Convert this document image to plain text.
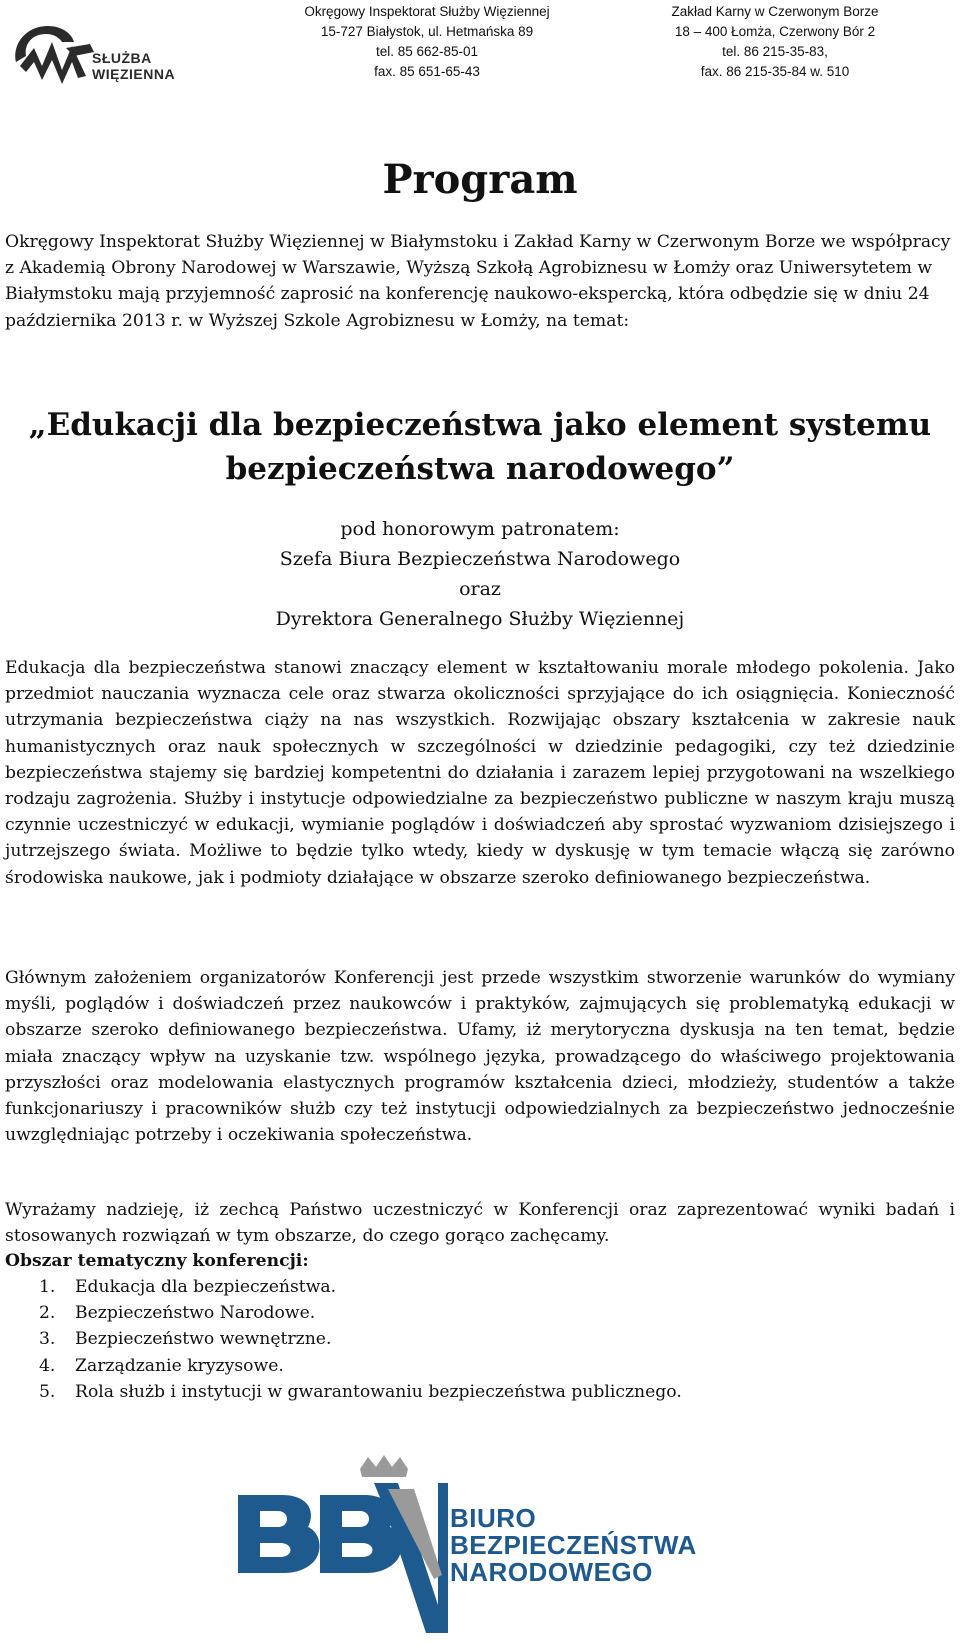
SŁUŻBA
WIĘZIENNA
Okręgowy Inspektorat Służby Więziennej
15-727 Białystok, ul. Hetmańska 89
tel. 85 662-85-01
fax. 85 651-65-43
Zakład Karny w Czerwonym Borze
18 – 400 Łomża, Czerwony Bór 2
tel. 86 215-35-83,
fax. 86 215-35-84 w. 510
Program

Okręgowy Inspektorat Służby Więziennej w Białymstoku i Zakład Karny w Czerwonym Borze we współpracy z Akademią Obrony Narodowej w Warszawie, Wyższą Szkołą Agrobiznesu w Łomży oraz Uniwersytetem w Białymstoku mają przyjemność zaprosić na konferencję naukowo-ekspercką, która odbędzie się w dniu 24 października 2013 r. w Wyższej Szkole Agrobiznesu w Łomży, na temat:

„Edukacji dla bezpieczeństwa jako element systemu
bezpieczeństwa narodowego”
pod honorowym patronatem:
Szefa Biura Bezpieczeństwa Narodowego
oraz
Dyrektora Generalnego Służby Więziennej

Edukacja dla bezpieczeństwa stanowi znaczący element w kształtowaniu morale młodego pokolenia. Jako przedmiot nauczania wyznacza cele oraz stwarza okoliczności sprzyjające do ich osiągnięcia. Konieczność utrzymania bezpieczeństwa ciąży na nas wszystkich. Rozwijając obszary kształcenia w zakresie nauk humanistycznych oraz nauk społecznych w szczególności w dziedzinie pedagogiki, czy też dziedzinie bezpieczeństwa stajemy się bardziej kompetentni do działania i zarazem lepiej przygotowani na wszelkiego rodzaju zagrożenia. Służby i instytucje odpowiedzialne za bezpieczeństwo publiczne w naszym kraju muszą czynnie uczestniczyć w edukacji, wymianie poglądów i doświadczeń aby sprostać wyzwaniom dzisiejszego i jutrzejszego świata. Możliwe to będzie tylko wtedy, kiedy w dyskusję w tym temacie włączą się zarówno środowiska naukowe, jak i podmioty działające w obszarze szeroko definiowanego bezpieczeństwa.

Głównym założeniem organizatorów Konferencji jest przede wszystkim stworzenie warunków do wymiany myśli, poglądów i doświadczeń przez naukowców i praktyków, zajmujących się problematyką edukacji w obszarze szeroko definiowanego bezpieczeństwa. Ufamy, iż merytoryczna dyskusja na ten temat, będzie miała znaczący wpływ na uzyskanie tzw. wspólnego języka, prowadzącego do właściwego projektowania przyszłości oraz modelowania elastycznych programów kształcenia dzieci, młodzieży, studentów a także funkcjonariuszy i pracowników służb czy też instytucji odpowiedzialnych za bezpieczeństwo jednocześnie uwzględniając potrzeby i oczekiwania społeczeństwa.

Wyrażamy nadzieję, iż zechcą Państwo uczestniczyć w Konferencji oraz zaprezentować wyniki badań i stosowanych rozwiązań w tym obszarze, do czego gorąco zachęcamy.

Obszar tematyczny konferencji:
1. Edukacja dla bezpieczeństwa.
2. Bezpieczeństwo Narodowe.
3. Bezpieczeństwo wewnętrzne.
4. Zarządzanie kryzysowe.
5. Rola służb i instytucji w gwarantowaniu bezpieczeństwa publicznego.
BIURO
BEZPIECZEŃSTWA
NARODOWEGO
